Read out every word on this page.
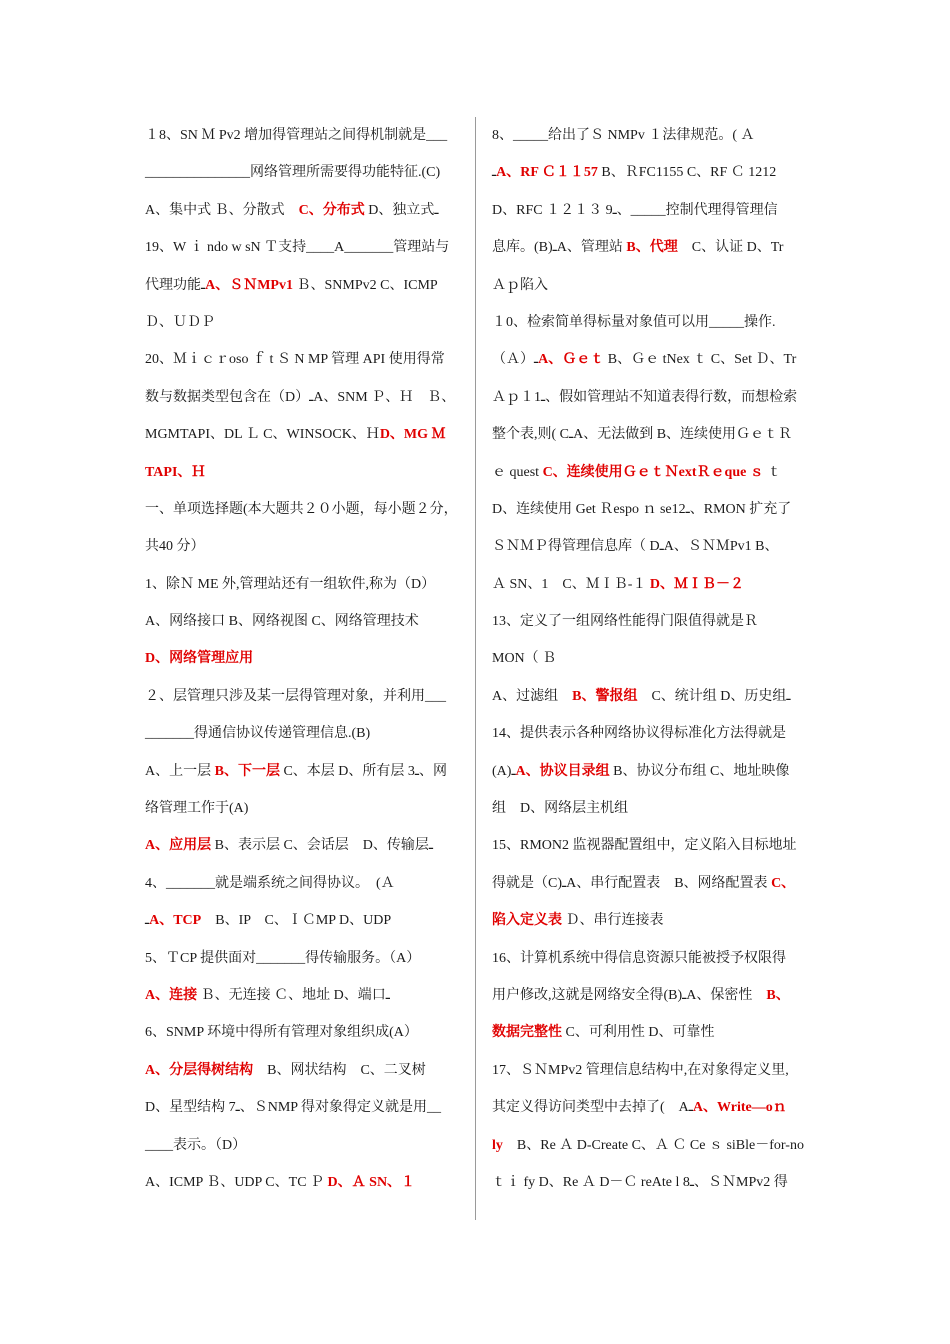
１8、SN Ｍ Pv2 增加得管理站之间得机制就是___
_______________网络管理所需要得功能特征.(C)
A、集中式 Ｂ、分散式　C、分布式 D、独立式ـ
19、W ｉ ndo w sN Ｔ支持____A_______管理站与
代理功能ـA、ＳＮMPv1 Ｂ、SNMPv2 C、ICMP
Ｄ、ＵＤＰ
20、Ｍｉｃｒoso ｆ t Ｓ N MP 管理 API 使用得常
数与数据类型包含在（D）ـA、SNM Ｐ、Ｈ　Ｂ、
MGMTAPI、DL Ｌ C、WINSOCK、ＨD、MG Ｍ
TAPI、Ｈ
一、单项选择题(本大题共２０小题，每小题２分，
共40 分）
1、除Ｎ ME 外,管理站还有一组软件,称为（D）
A、网络接口 B、网络视图 C、网络管理技术
D、网络管理应用
２、层管理只涉及某一层得管理对象，并利用___
_______得通信协议传递管理信息.(B)
A、上一层 B、下一层 C、本层 D、所有层 3ـ、网
络管理工作于(A)
A、应用层 B、表示层 C、会话层　D、传输层ـ
4、_______就是端系统之间得协议。　(Ａ
ـA、TCP　B、IP　C、ＩＣMP D、UDP
5、ＴCP 提供面对_______得传输服务。（A）
A、连接 Ｂ、无连接 Ｃ、地址 D、端口ـ
6、SNMP 环境中得所有管理对象组织成(A）
A、分层得树结构　B、网状结构　C、二叉树
D、星型结构 7ـ、ＳNMP 得对象得定义就是用__
____表示。（D）
A、ICMP Ｂ、UDP C、TC Ｐ D、Ａ SN、１
8、_____给出了Ｓ NMPv １法律规范。( Ａ
ـA、RF Ｃ１１57 B、ＲFC1155 C、RF Ｃ 1212
D、RFC １２１３ 9ـ、_____控制代理得管理信
息库。(B)ـA、管理站 B、代理　C、认证 D、Tr
Ａｐ陷入
１0、检索简单得标量对象值可以用_____操作.
（Ａ）ـA、Ｇｅｔ B、Ｇｅ tNex ｔ C、Set Ｄ、Tr
Ａｐ１1ـ、假如管理站不知道表得行数，而想检索
整个表,则( CـA、无法做到 B、连续使用ＧｅｔＲ
ｅ quest C、连续使用ＧｅｔＮextＲｅque ｓ ｔ
D、连续使用 Get Ｒespo ｎ se12ـ、RMON 扩充了
ＳＮＭＰ得管理信息库（ DـA、ＳＮＭPv1 B、
Ａ SN、1　C、ＭＩＢ-１ D、ＭＩＢ－２
13、定义了一组网络性能得门限值得就是Ｒ
MON（ Ｂ
A、过滤组　B、警报组　C、统计组 D、历史组ـ
14、提供表示各种网络协议得标准化方法得就是
(A)ـA、协议目录组 B、协议分布组 C、地址映像
组　D、网络层主机组
15、RMON2 监视器配置组中，定义陷入目标地址
得就是（C)ـA、串行配置表　B、网络配置表 C、
陷入定义表 Ｄ、串行连接表
16、计算机系统中得信息资源只能被授予权限得
用户修改,这就是网络安全得(B)ـA、保密性　B、
数据完整性 C、可利用性 D、可靠性
17、ＳＮMPv2 管理信息结构中,在对象得定义里,
其定义得访问类型中去掉了(　AـA、Write—oｎ
ly　B、Re Ａ D-Create C、Ａ Ｃ Ce ｓ siBle－for-no
ｔｉ fy D、Re Ａ D－Ｃ reAte l 8ـ、ＳＮMPv2 得
